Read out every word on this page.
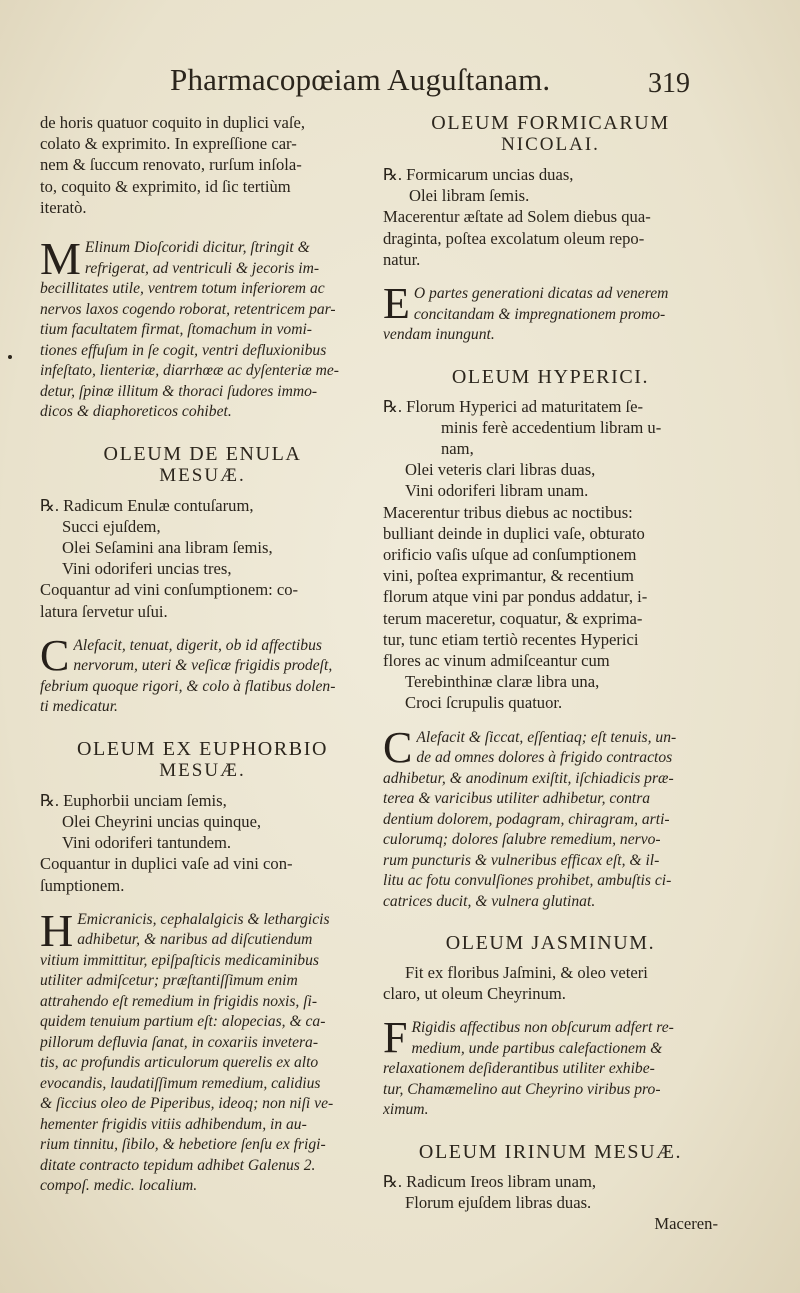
Pharmacopœiam Auguſtanam.	319
de horis quatuor coquito in duplici vaſe,
colato & exprimito. In expreſſione car-
nem & ſuccum renovato, rurſum inſola-
to, coquito & exprimito, id ſic tertiùm
iteratò.
M Elinum Dioſcoridi dicitur, ſtringit &
refrigerat, ad ventriculi & jecoris im-
becillitates utile, ventrem totum inferiorem ac
nervos laxos cogendo roborat, retentricem par-
tium facultatem firmat, ſtomachum in vomi-
tiones effuſum in ſe cogit, ventri defluxionibus
infeſtato, lienteriæ, diarrhœæ ac dyſenteriæ me-
detur, ſpinæ illitum & thoraci ſudores immo-
dicos & diaphoreticos cohibet.
OLEUM DE ENULA
MESUÆ.
℞. Radicum Enulæ contuſarum,
Succi ejuſdem,
Olei Seſamini ana libram ſemis,
Vini odoriferi uncias tres,
Coquantur ad vini conſumptionem: co-
latura ſervetur uſui.
C Alefacit, tenuat, digerit, ob id affectibus
nervorum, uteri & veſicæ frigidis prodeſt,
febrium quoque rigori, & colo à flatibus dolen-
ti medicatur.
OLEUM EX EUPHORBIO
MESUÆ.
℞. Euphorbii unciam ſemis,
Olei Cheyrini uncias quinque,
Vini odoriferi tantundem.
Coquantur in duplici vaſe ad vini con-
ſumptionem.
H Emicranicis, cephalalgicis & lethargicis
adhibetur, & naribus ad diſcutiendum
vitium immittitur, epiſpaſticis medicaminibus
utiliter admiſcetur; præſtantiſſimum enim
attrahendo eſt remedium in frigidis noxis, ſi-
quidem tenuium partium eſt: alopecias, & ca-
pillorum defluvia ſanat, in coxariis invetera-
tis, ac profundis articulorum querelis ex alto
evocandis, laudatiſſimum remedium, calidius
& ſiccius oleo de Piperibus, ideoq; non niſi ve-
hementer frigidis vitiis adhibendum, in au-
rium tinnitu, ſibilo, & hebetiore ſenſu ex frigi-
ditate contracto tepidum adhibet Galenus 2.
compoſ. medic. localium.
OLEUM FORMICARUM
NICOLAI.
℞. Formicarum uncias duas,
Olei libram ſemis.
Macerentur æſtate ad Solem diebus qua-
draginta, poſtea excolatum oleum repo-
natur.
E O partes generationi dicatas ad venerem
concitandam & impregnationem promo-
vendam inungunt.
OLEUM HYPERICI.
℞. Florum Hyperici ad maturitatem ſe-
minis ferè accedentium libram u-
nam,
Olei veteris clari libras duas,
Vini odoriferi libram unam.
Macerentur tribus diebus ac noctibus:
bulliant deinde in duplici vaſe, obturato
orificio vaſis uſque ad conſumptionem
vini, poſtea exprimantur, & recentium
florum atque vini par pondus addatur, i-
terum maceretur, coquatur, & exprima-
tur, tunc etiam tertiò recentes Hyperici
flores ac vinum admiſceantur cum
Terebinthinæ claræ libra una,
Croci ſcrupulis quatuor.
C Alefacit & ſiccat, eſſentiaq; eſt tenuis, un-
de ad omnes dolores à frigido contractos
adhibetur, & anodinum exiſtit, iſchiadicis præ-
terea & varicibus utiliter adhibetur, contra
dentium dolorem, podagram, chiragram, arti-
culorumq; dolores ſalubre remedium, nervo-
rum puncturis & vulneribus efficax eſt, & il-
litu ac fotu convulſiones prohibet, ambuſtis ci-
catrices ducit, & vulnera glutinat.
OLEUM JASMINUM.
Fit ex floribus Jaſmini, & oleo veteri
claro, ut oleum Cheyrinum.
F Rigidis affectibus non obſcurum adfert re-
medium, unde partibus calefactionem &
relaxationem deſiderantibus utiliter exhibe-
tur, Chamæmelino aut Cheyrino viribus pro-
ximum.
OLEUM IRINUM MESUÆ.
℞. Radicum Ireos libram unam,
Florum ejuſdem libras duas.
Maceren-
